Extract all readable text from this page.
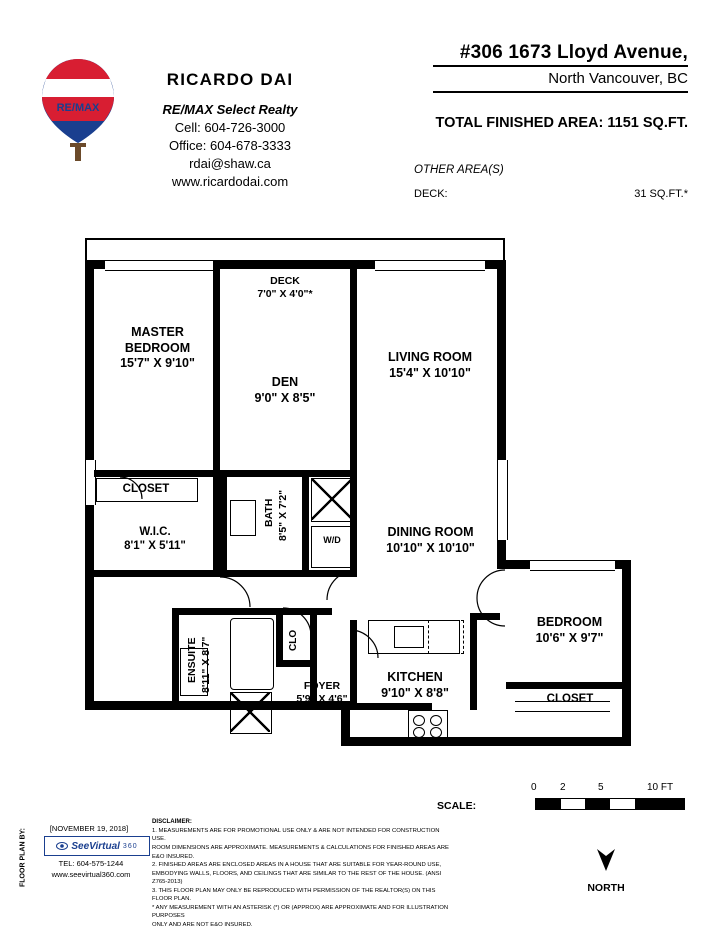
RE/MAX
RICARDO DAI
RE/MAX Select Realty
Cell: 604-726-3000
Office: 604-678-3333
rdai@shaw.ca
www.ricardodai.com
#306 1673 Lloyd Avenue,
North Vancouver, BC
TOTAL FINISHED AREA: 1151 SQ.FT.
OTHER AREA(S)
DECK:	31 SQ.FT.*
W/D
MASTER
BEDROOM
15'7" X 9'10"
DEN
9'0" X 8'5"
LIVING ROOM
15'4" X 10'10"
DINING ROOM
10'10" X 10'10"
BEDROOM
10'6" X 9'7"
KITCHEN
9'10" X 8'8"
FOYER
5'9" X 4'6"
W.I.C.
8'1" X 5'11"
DECK
7'0" X 4'0"*
CLOSET
CLOSET
CLO
ENSUITE 8'11" X 8'7"
BATH 8'5" X 7'2"
0 2	5	10 FT
SCALE:
NORTH
FLOOR PLAN BY:	[NOVEMBER 19, 2018]
SeeVirtual 360
TEL: 604-575-1244
www.seevirtual360.com
DISCLAIMER:
1. MEASUREMENTS ARE FOR PROMOTIONAL USE ONLY & ARE NOT INTENDED FOR CONSTRUCTION USE.
ROOM DIMENSIONS ARE APPROXIMATE. MEASUREMENTS & CALCULATIONS FOR FINISHED AREAS ARE E&O INSURED.
2. FINISHED AREAS ARE ENCLOSED AREAS IN A HOUSE THAT ARE SUITABLE FOR YEAR-ROUND USE,
EMBODYING WALLS, FLOORS, AND CEILINGS THAT ARE SIMILAR TO THE REST OF THE HOUSE. (ANSI Z765-2013)
3. THIS FLOOR PLAN MAY ONLY BE REPRODUCED WITH PERMISSION OF THE REALTOR(S) ON THIS FLOOR PLAN.
* ANY MEASUREMENT WITH AN ASTERISK (*) OR (APPROX) ARE APPROXIMATE AND FOR ILLUSTRATION PURPOSES
ONLY AND ARE NOT E&O INSURED.
